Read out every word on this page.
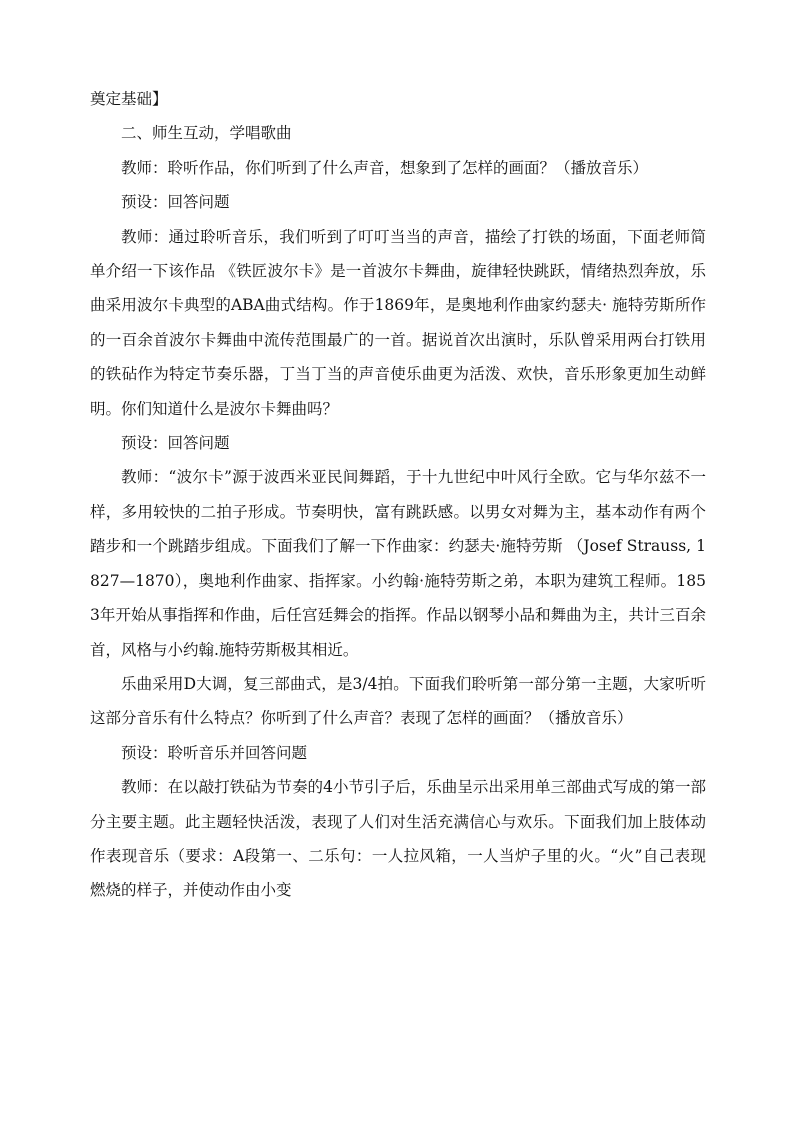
奠定基础】

二、师生互动，学唱歌曲

教师：聆听作品，你们听到了什么声音，想象到了怎样的画面？（播放音乐）

预设：回答问题

教师：通过聆听音乐，我们听到了叮叮当当的声音，描绘了打铁的场面，下面老师简单介绍一下该作品 《铁匠波尔卡》是一首波尔卡舞曲，旋律轻快跳跃，情绪热烈奔放，乐曲采用波尔卡典型的ABA曲式结构。作于1869年，是奥地利作曲家约瑟夫· 施特劳斯所作的一百余首波尔卡舞曲中流传范围最广的一首。据说首次出演时，乐队曾采用两台打铁用的铁砧作为特定节奏乐器，丁当丁当的声音使乐曲更为活泼、欢快，音乐形象更加生动鲜明。你们知道什么是波尔卡舞曲吗？

预设：回答问题

教师：“波尔卡”源于波西米亚民间舞蹈，于十九世纪中叶风行全欧。它与华尔兹不一样，多用较快的二拍子形成。节奏明快，富有跳跃感。以男女对舞为主，基本动作有两个踏步和一个跳踏步组成。下面我们了解一下作曲家：约瑟夫·施特劳斯 （Josef Strauss, 1827—1870），奥地利作曲家、指挥家。小约翰·施特劳斯之弟，本职为建筑工程师。1853年开始从事指挥和作曲，后任宫廷舞会的指挥。作品以钢琴小品和舞曲为主，共计三百余首，风格与小约翰.施特劳斯极其相近。

乐曲采用D大调，复三部曲式，是3/4拍。下面我们聆听第一部分第一主题，大家听听这部分音乐有什么特点？你听到了什么声音？表现了怎样的画面？（播放音乐）

预设：聆听音乐并回答问题

教师：在以敲打铁砧为节奏的4小节引子后，乐曲呈示出采用单三部曲式写成的第一部分主要主题。此主题轻快活泼，表现了人们对生活充满信心与欢乐。下面我们加上肢体动作表现音乐（要求：A段第一、二乐句：一人拉风箱，一人当炉子里的火。“火”自己表现燃烧的样子，并使动作由小变
